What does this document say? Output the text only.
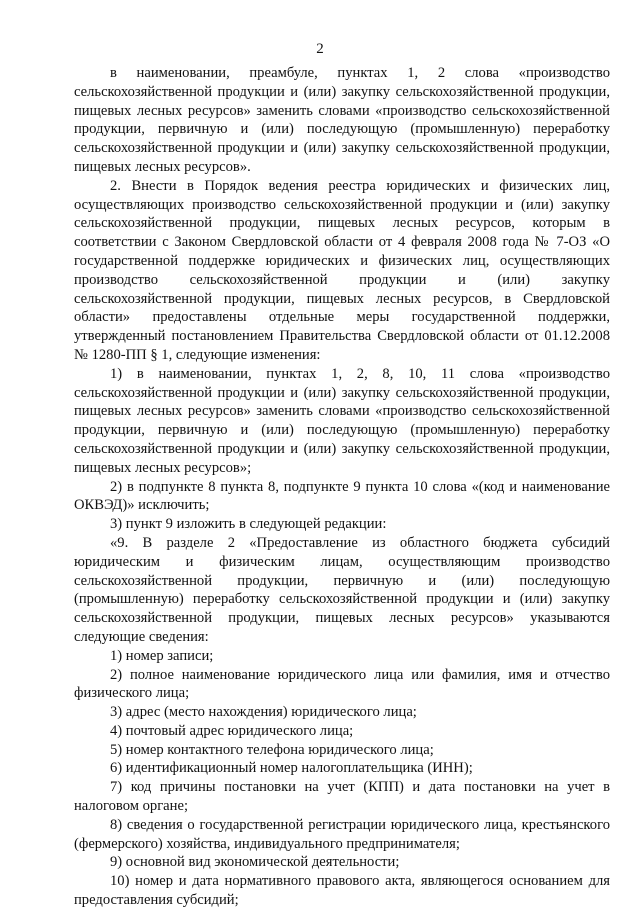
2

в наименовании, преамбуле, пунктах 1, 2 слова «производство сельскохозяйственной продукции и (или) закупку сельскохозяйственной продукции, пищевых лесных ресурсов» заменить словами «производство сельскохозяйственной продукции, первичную и (или) последующую (промышленную) переработку сельскохозяйственной продукции и (или) закупку сельскохозяйственной продукции, пищевых лесных ресурсов».

2. Внести в Порядок ведения реестра юридических и физических лиц, осуществляющих производство сельскохозяйственной продукции и (или) закупку сельскохозяйственной продукции, пищевых лесных ресурсов, которым в соответствии с Законом Свердловской области от 4 февраля 2008 года № 7-ОЗ «О государственной поддержке юридических и физических лиц, осуществляющих производство сельскохозяйственной продукции и (или) закупку сельскохозяйственной продукции, пищевых лесных ресурсов, в Свердловской области» предоставлены отдельные меры государственной поддержки, утвержденный постановлением Правительства Свердловской области от 01.12.2008 № 1280-ПП § 1, следующие изменения:

1) в наименовании, пунктах 1, 2, 8, 10, 11 слова «производство сельскохозяйственной продукции и (или) закупку сельскохозяйственной продукции, пищевых лесных ресурсов» заменить словами «производство сельскохозяйственной продукции, первичную и (или) последующую (промышленную) переработку сельскохозяйственной продукции и (или) закупку сельскохозяйственной продукции, пищевых лесных ресурсов»;

2) в подпункте 8 пункта 8, подпункте 9 пункта 10 слова «(код и наименование ОКВЭД)» исключить;

3) пункт 9 изложить в следующей редакции:

«9. В разделе 2 «Предоставление из областного бюджета субсидий юридическим и физическим лицам, осуществляющим производство сельскохозяйственной продукции, первичную и (или) последующую (промышленную) переработку сельскохозяйственной продукции и (или) закупку сельскохозяйственной продукции, пищевых лесных ресурсов» указываются следующие сведения:

1) номер записи;

2) полное наименование юридического лица или фамилия, имя и отчество физического лица;

3) адрес (место нахождения) юридического лица;

4) почтовый адрес юридического лица;

5) номер контактного телефона юридического лица;

6) идентификационный номер налогоплательщика (ИНН);

7) код причины постановки на учет (КПП) и дата постановки на учет в налоговом органе;

8) сведения о государственной регистрации юридического лица, крестьянского (фермерского) хозяйства, индивидуального предпринимателя;

9) основной вид экономической деятельности;

10) номер и дата нормативного правового акта, являющегося основанием для предоставления субсидий;
